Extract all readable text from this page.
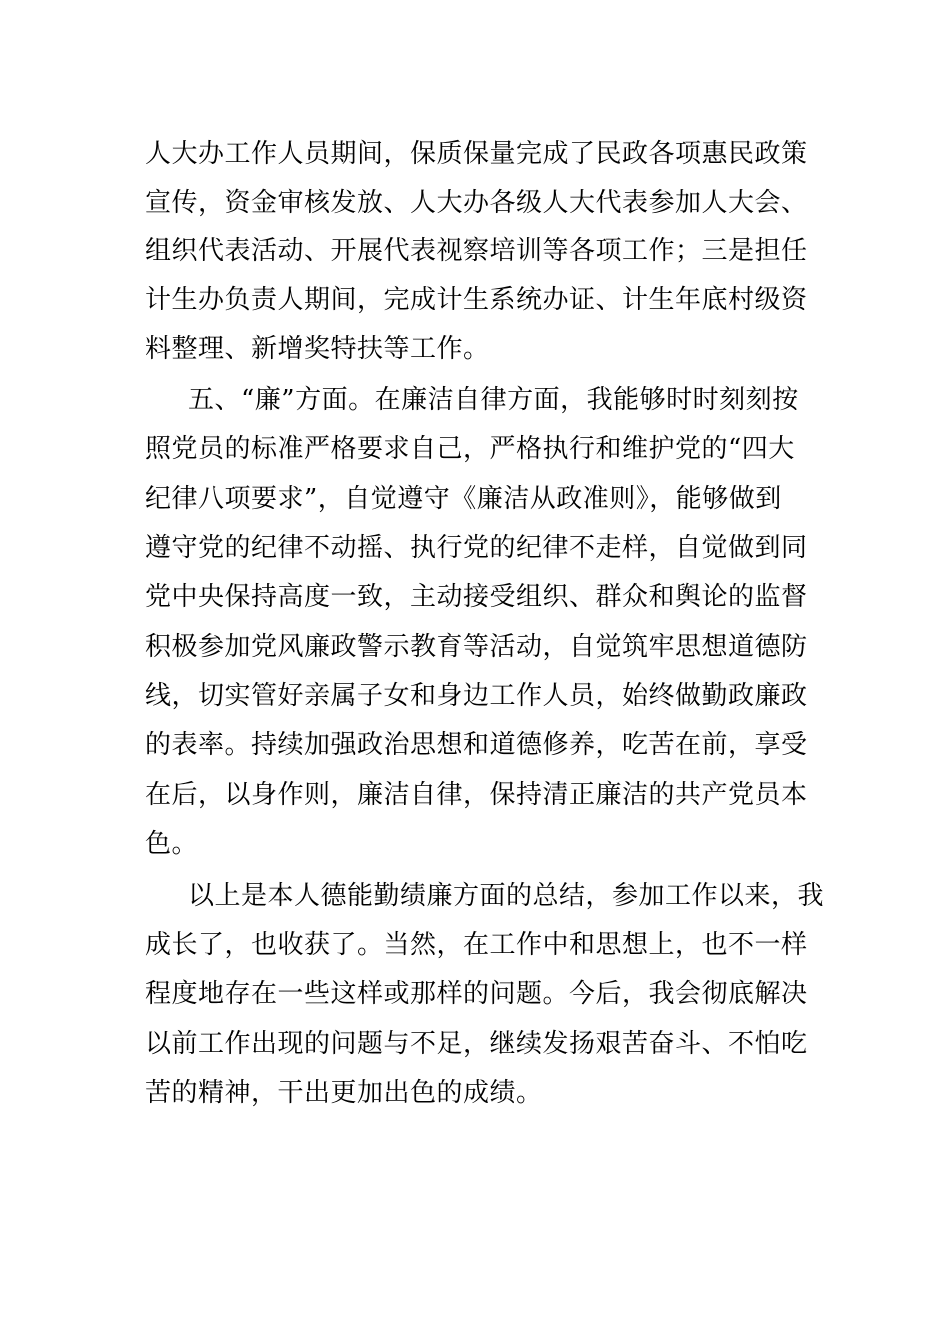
人大办工作人员期间，保质保量完成了民政各项惠民政策
宣传，资金审核发放、人大办各级人大代表参加人大会、
组织代表活动、开展代表视察培训等各项工作；三是担任
计生办负责人期间，完成计生系统办证、计生年底村级资
料整理、新增奖特扶等工作。
五、“廉”方面。在廉洁自律方面，我能够时时刻刻按
照党员的标准严格要求自己，严格执行和维护党的“四大
纪律八项要求”，自觉遵守《廉洁从政准则》，能够做到
遵守党的纪律不动摇、执行党的纪律不走样，自觉做到同
党中央保持高度一致，主动接受组织、群众和舆论的监督
积极参加党风廉政警示教育等活动，自觉筑牢思想道德防
线，切实管好亲属子女和身边工作人员，始终做勤政廉政
的表率。持续加强政治思想和道德修养，吃苦在前，享受
在后，以身作则，廉洁自律，保持清正廉洁的共产党员本
色。
以上是本人德能勤绩廉方面的总结，参加工作以来，我
成长了，也收获了。当然，在工作中和思想上，也不一样
程度地存在一些这样或那样的问题。今后，我会彻底解决
以前工作出现的问题与不足，继续发扬艰苦奋斗、不怕吃
苦的精神，干出更加出色的成绩。
